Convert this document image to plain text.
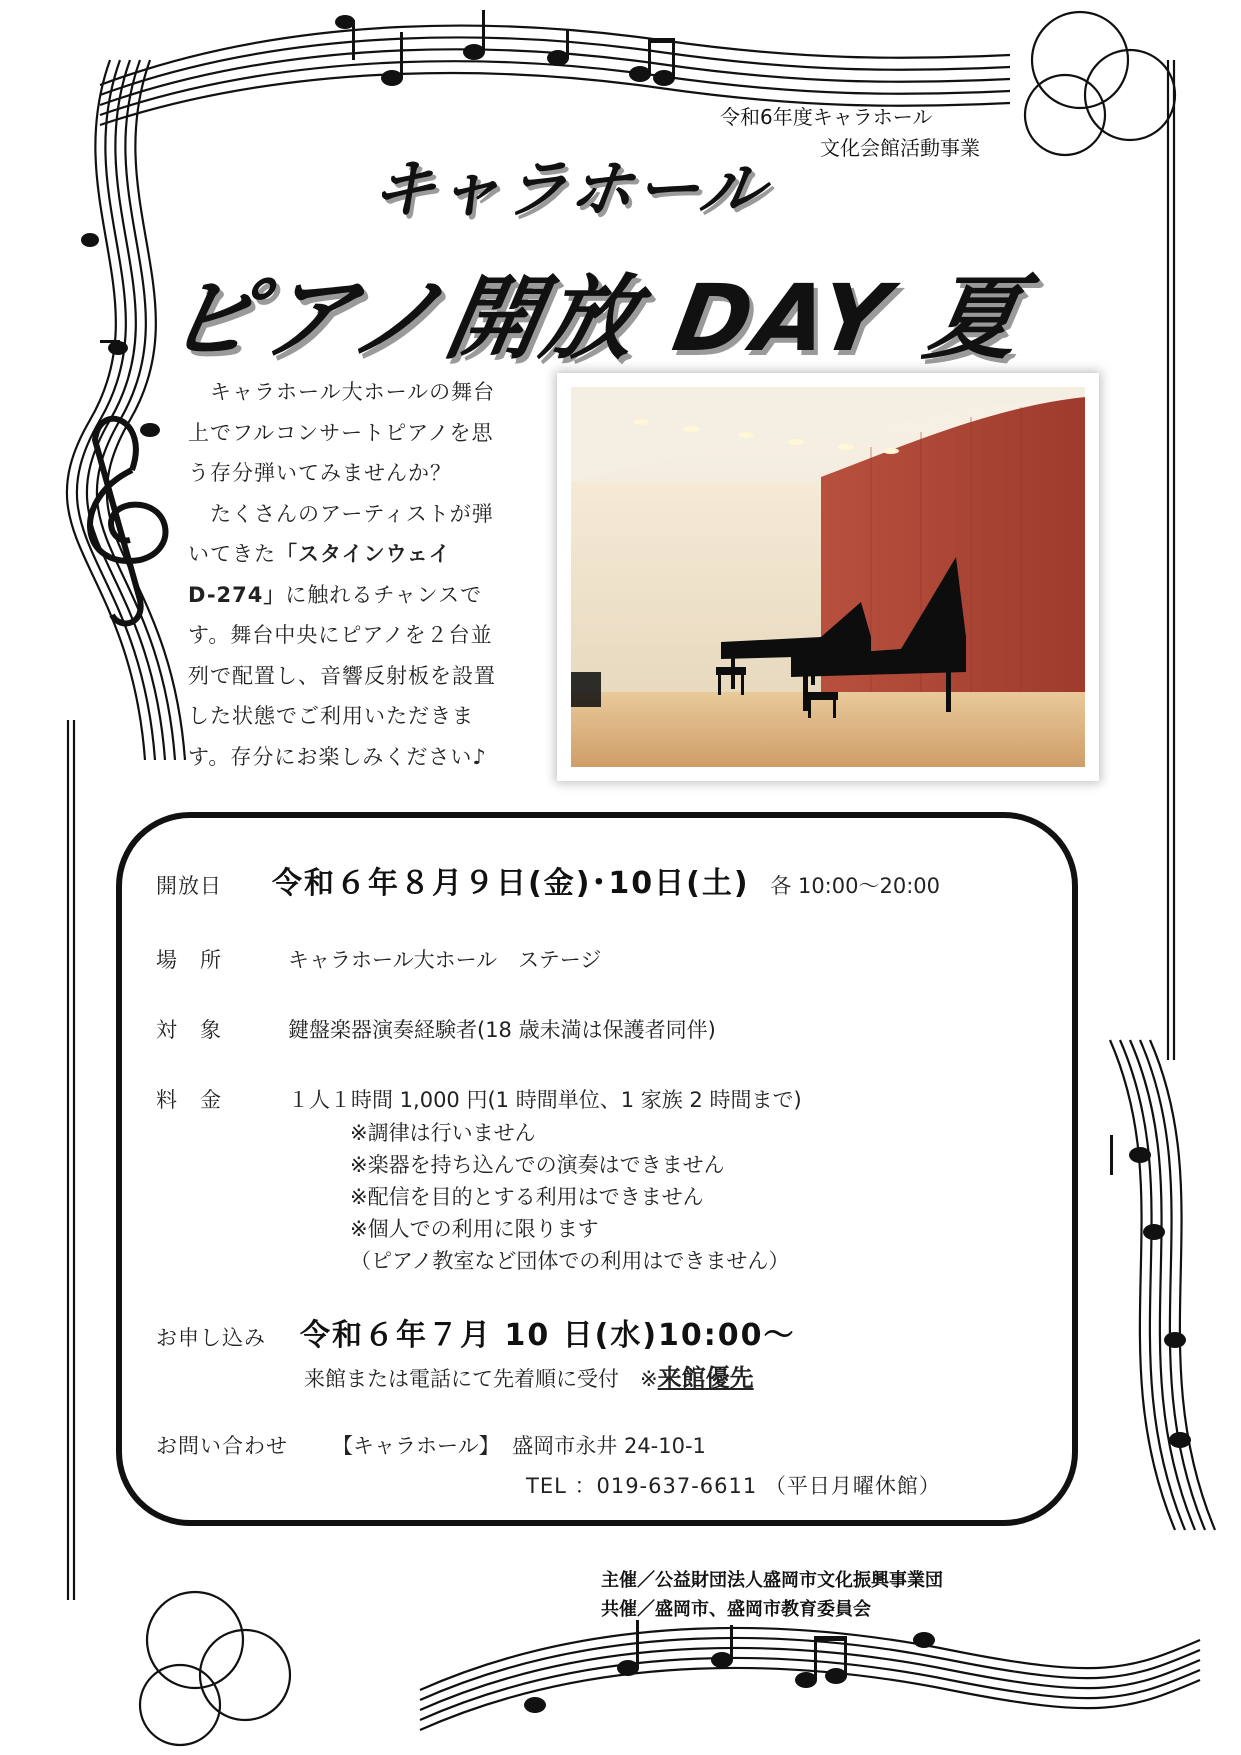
令和6年度キャラホール
文化会館活動事業
キャラホール
ピアノ開放 DAY 夏

　キャラホール大ホールの舞台

上でフルコンサートピアノを思

う存分弾いてみませんか？

　たくさんのアーティストが弾

いてきた「スタインウェイ

D-274」に触れるチャンスで

す。舞台中央にピアノを２台並

列で配置し、音響反射板を設置

した状態でご利用いただきま

す。存分にお楽しみください♪

開放日 令和６年８月９日(金)･10日(土) 各 10:00～20:00
場　所	キャラホール大ホール　ステージ
対　象	鍵盤楽器演奏経験者(18 歳未満は保護者同伴)
料　金	１人１時間 1,000 円(1 時間単位、1 家族 2 時間まで)
※調律は行いません
※楽器を持ち込んでの演奏はできません
※配信を目的とする利用はできません
※個人での利用に限ります
（ピアノ教室など団体での利用はできません）
お申し込み 令和６年７月 10 日(水)10:00～
来館または電話にて先着順に受付　※来館優先
お問い合わせ 【キャラホール】 盛岡市永井 24-10-1
TEL ：019-637-6611 （平日月曜休館）
主催／公益財団法人盛岡市文化振興事業団
共催／盛岡市、盛岡市教育委員会
